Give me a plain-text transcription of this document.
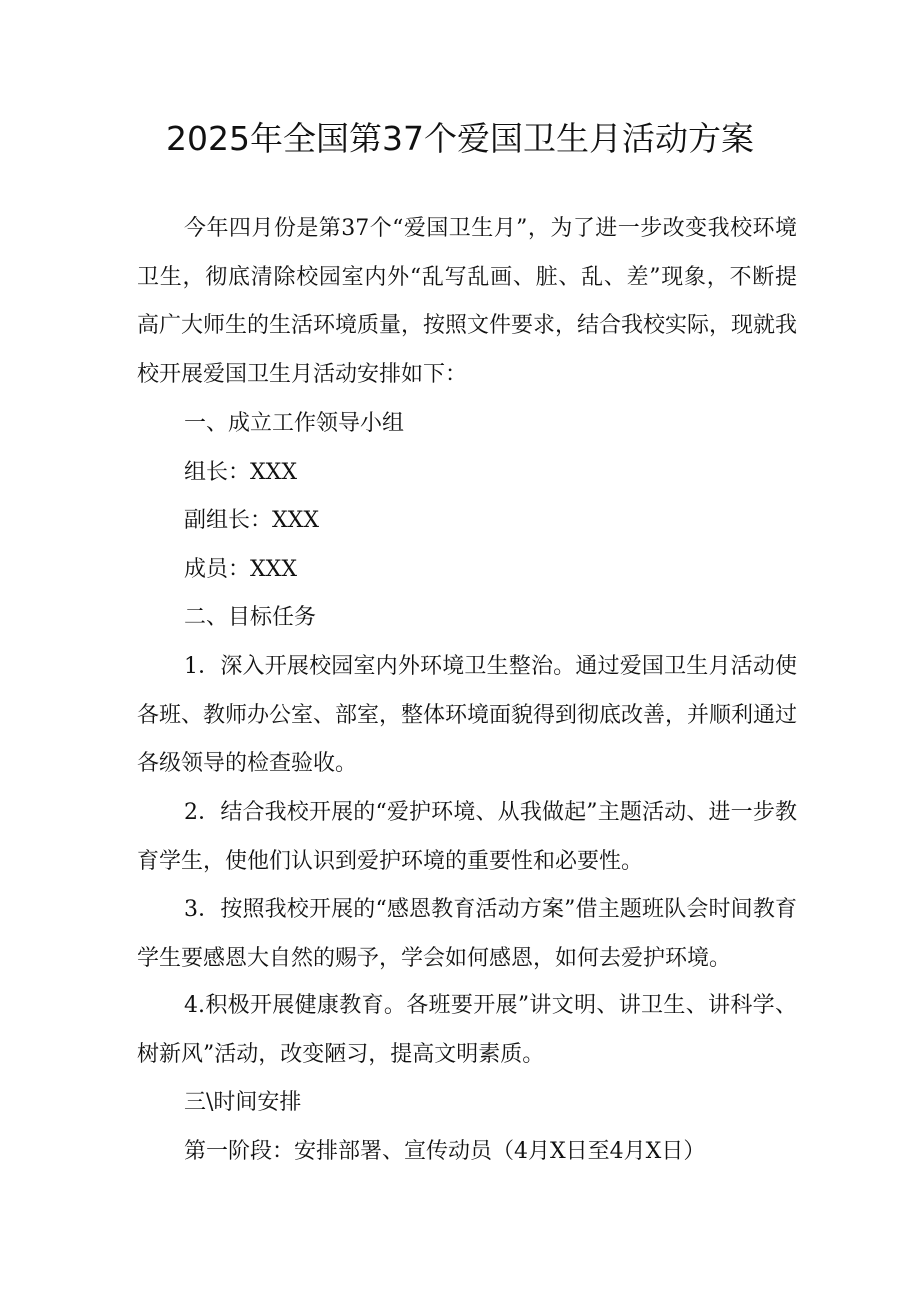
2025年全国第37个爱国卫生月活动方案

今年四月份是第37个“爱国卫生月”，为了进一步改变我校环境卫生，彻底清除校园室内外“乱写乱画、脏、乱、差”现象，不断提高广大师生的生活环境质量，按照文件要求，结合我校实际，现就我校开展爱国卫生月活动安排如下：

一、成立工作领导小组

组长：XXX

副组长：XXX

成员：XXX

二、目标任务

1．深入开展校园室内外环境卫生整治。通过爱国卫生月活动使各班、教师办公室、部室，整体环境面貌得到彻底改善，并顺利通过各级领导的检查验收。

2．结合我校开展的“爱护环境、从我做起”主题活动、进一步教育学生，使他们认识到爱护环境的重要性和必要性。

3．按照我校开展的“感恩教育活动方案”借主题班队会时间教育学生要感恩大自然的赐予，学会如何感恩，如何去爱护环境。

4.积极开展健康教育。各班要开展”讲文明、讲卫生、讲科学、树新风”活动，改变陋习，提高文明素质。

三\时间安排

第一阶段：安排部署、宣传动员（4月X日至4月X日）
